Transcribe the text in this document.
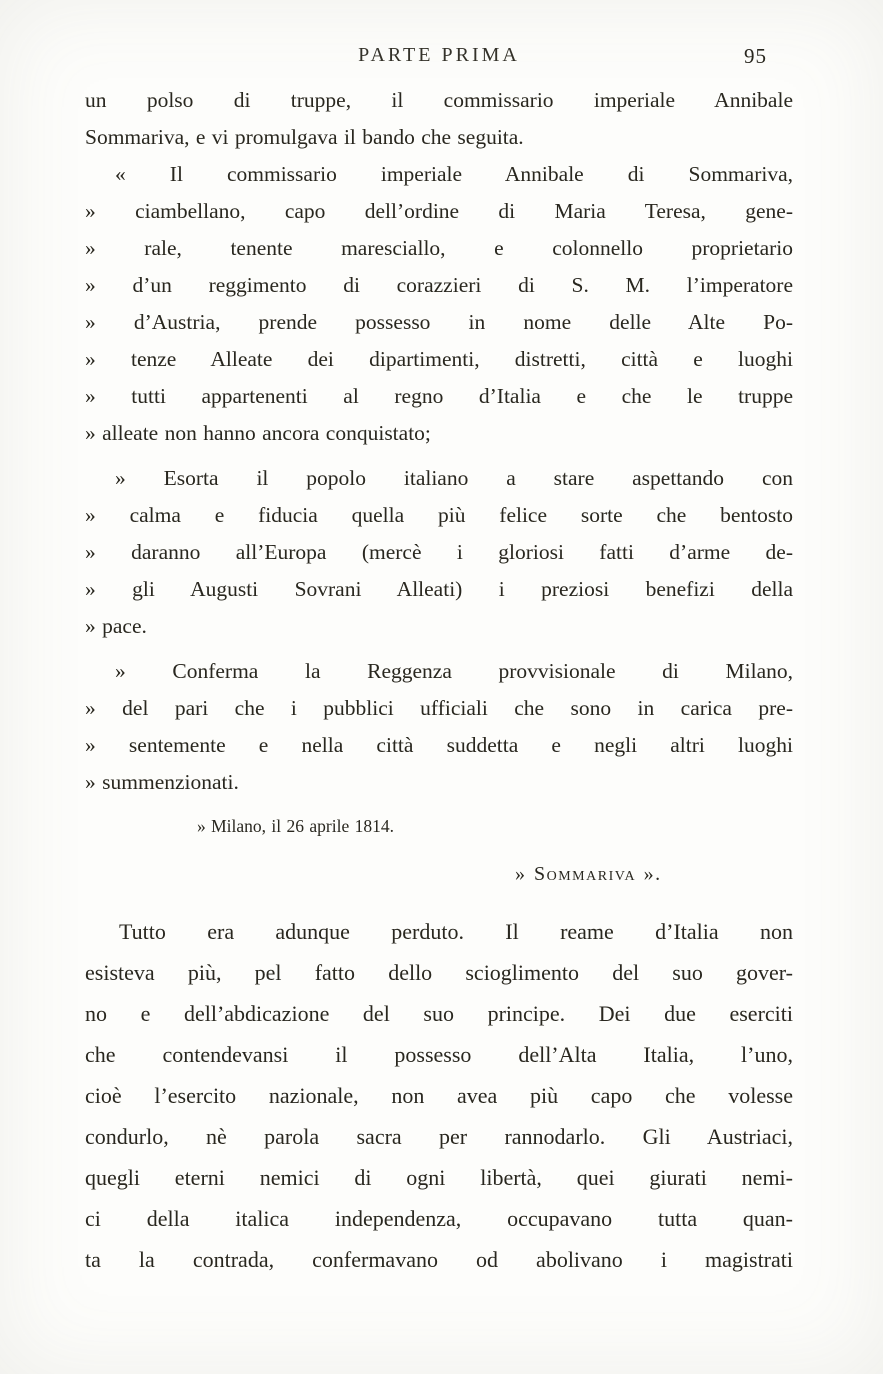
PARTE PRIMA	95
un polso di truppe, il commissario imperiale Annibale
Sommariva, e vi promulgava il bando che seguita.
« Il commissario imperiale Annibale di Sommariva,
» ciambellano, capo dell’ordine di Maria Teresa, gene-
» rale, tenente maresciallo, e colonnello proprietario
» d’un reggimento di corazzieri di S. M. l’imperatore
» d’Austria, prende possesso in nome delle Alte Po-
» tenze Alleate dei dipartimenti, distretti, città e luoghi
» tutti appartenenti al regno d’Italia e che le truppe
» alleate non hanno ancora conquistato;
» Esorta il popolo italiano a stare aspettando con
» calma e fiducia quella più felice sorte che bentosto
» daranno all’Europa (mercè i gloriosi fatti d’arme de-
» gli Augusti Sovrani Alleati) i preziosi benefizi della
» pace.
» Conferma la Reggenza provvisionale di Milano,
» del pari che i pubblici ufficiali che sono in carica pre-
» sentemente e nella città suddetta e negli altri luoghi
» summenzionati.
» Milano, il 26 aprile 1814.
» Sommariva ».
Tutto era adunque perduto. Il reame d’Italia non
esisteva più, pel fatto dello scioglimento del suo gover-
no e dell’abdicazione del suo principe. Dei due eserciti
che contendevansi il possesso dell’Alta Italia, l’uno,
cioè l’esercito nazionale, non avea più capo che volesse
condurlo, nè parola sacra per rannodarlo. Gli Austriaci,
quegli eterni nemici di ogni libertà, quei giurati nemi-
ci della italica independenza, occupavano tutta quan-
ta la contrada, confermavano od abolivano i magistrati
